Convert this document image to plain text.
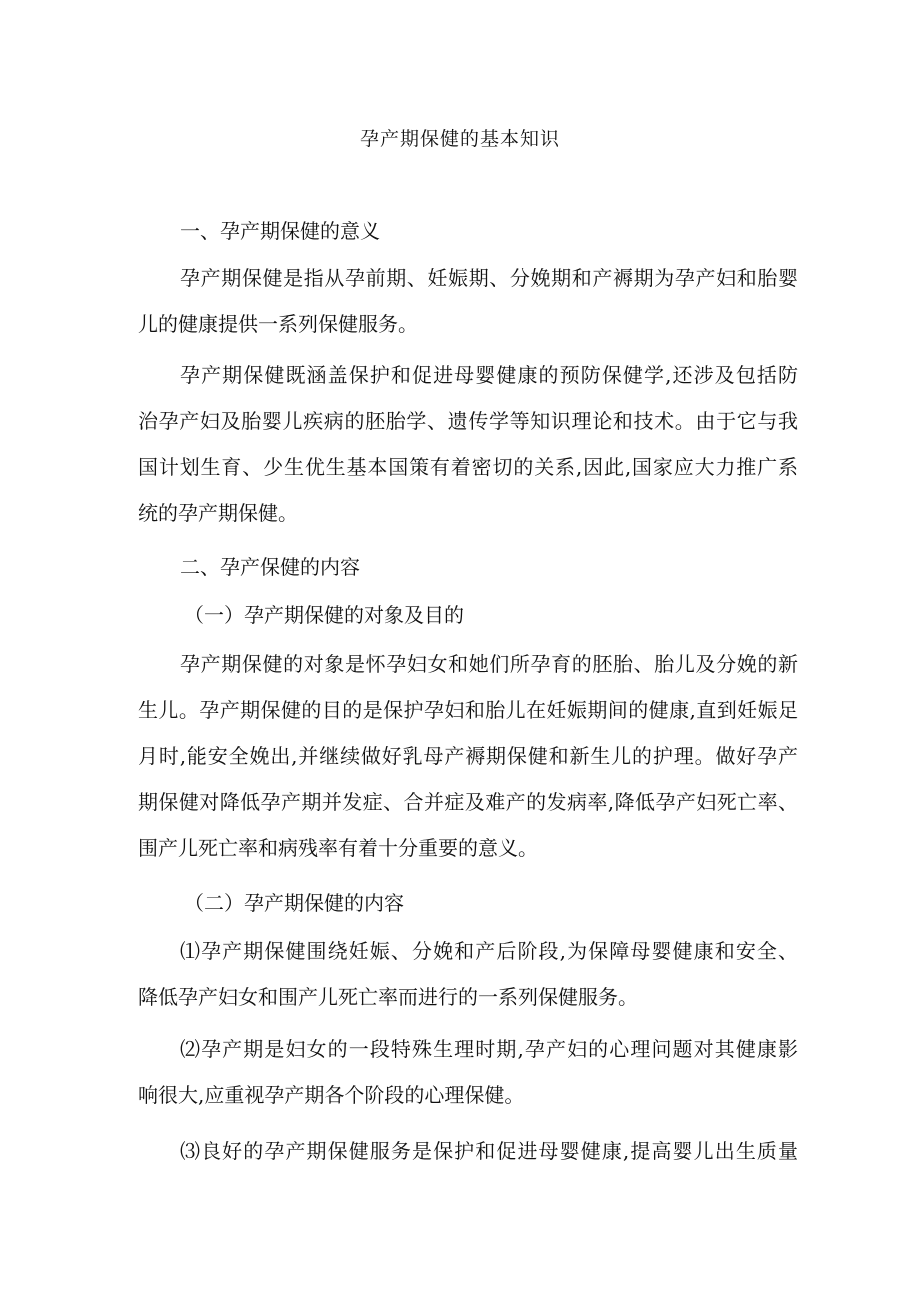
孕产期保健的基本知识
一、孕产期保健的意义
孕产期保健是指从孕前期、妊娠期、分娩期和产褥期为孕产妇和胎婴
儿的健康提供一系列保健服务。
孕产期保健既涵盖保护和促进母婴健康的预防保健学,还涉及包括防
治孕产妇及胎婴儿疾病的胚胎学、遗传学等知识理论和技术。由于它与我
国计划生育、少生优生基本国策有着密切的关系,因此,国家应大力推广系
统的孕产期保健。
二、孕产保健的内容
（一）孕产期保健的对象及目的
孕产期保健的对象是怀孕妇女和她们所孕育的胚胎、胎儿及分娩的新
生儿。孕产期保健的目的是保护孕妇和胎儿在妊娠期间的健康,直到妊娠足
月时,能安全娩出,并继续做好乳母产褥期保健和新生儿的护理。做好孕产
期保健对降低孕产期并发症、合并症及难产的发病率,降低孕产妇死亡率、
围产儿死亡率和病残率有着十分重要的意义。
（二）孕产期保健的内容
⑴孕产期保健围绕妊娠、分娩和产后阶段,为保障母婴健康和安全、
降低孕产妇女和围产儿死亡率而进行的一系列保健服务。
⑵孕产期是妇女的一段特殊生理时期,孕产妇的心理问题对其健康影
响很大,应重视孕产期各个阶段的心理保健。
⑶良好的孕产期保健服务是保护和促进母婴健康,提高婴儿出生质量
